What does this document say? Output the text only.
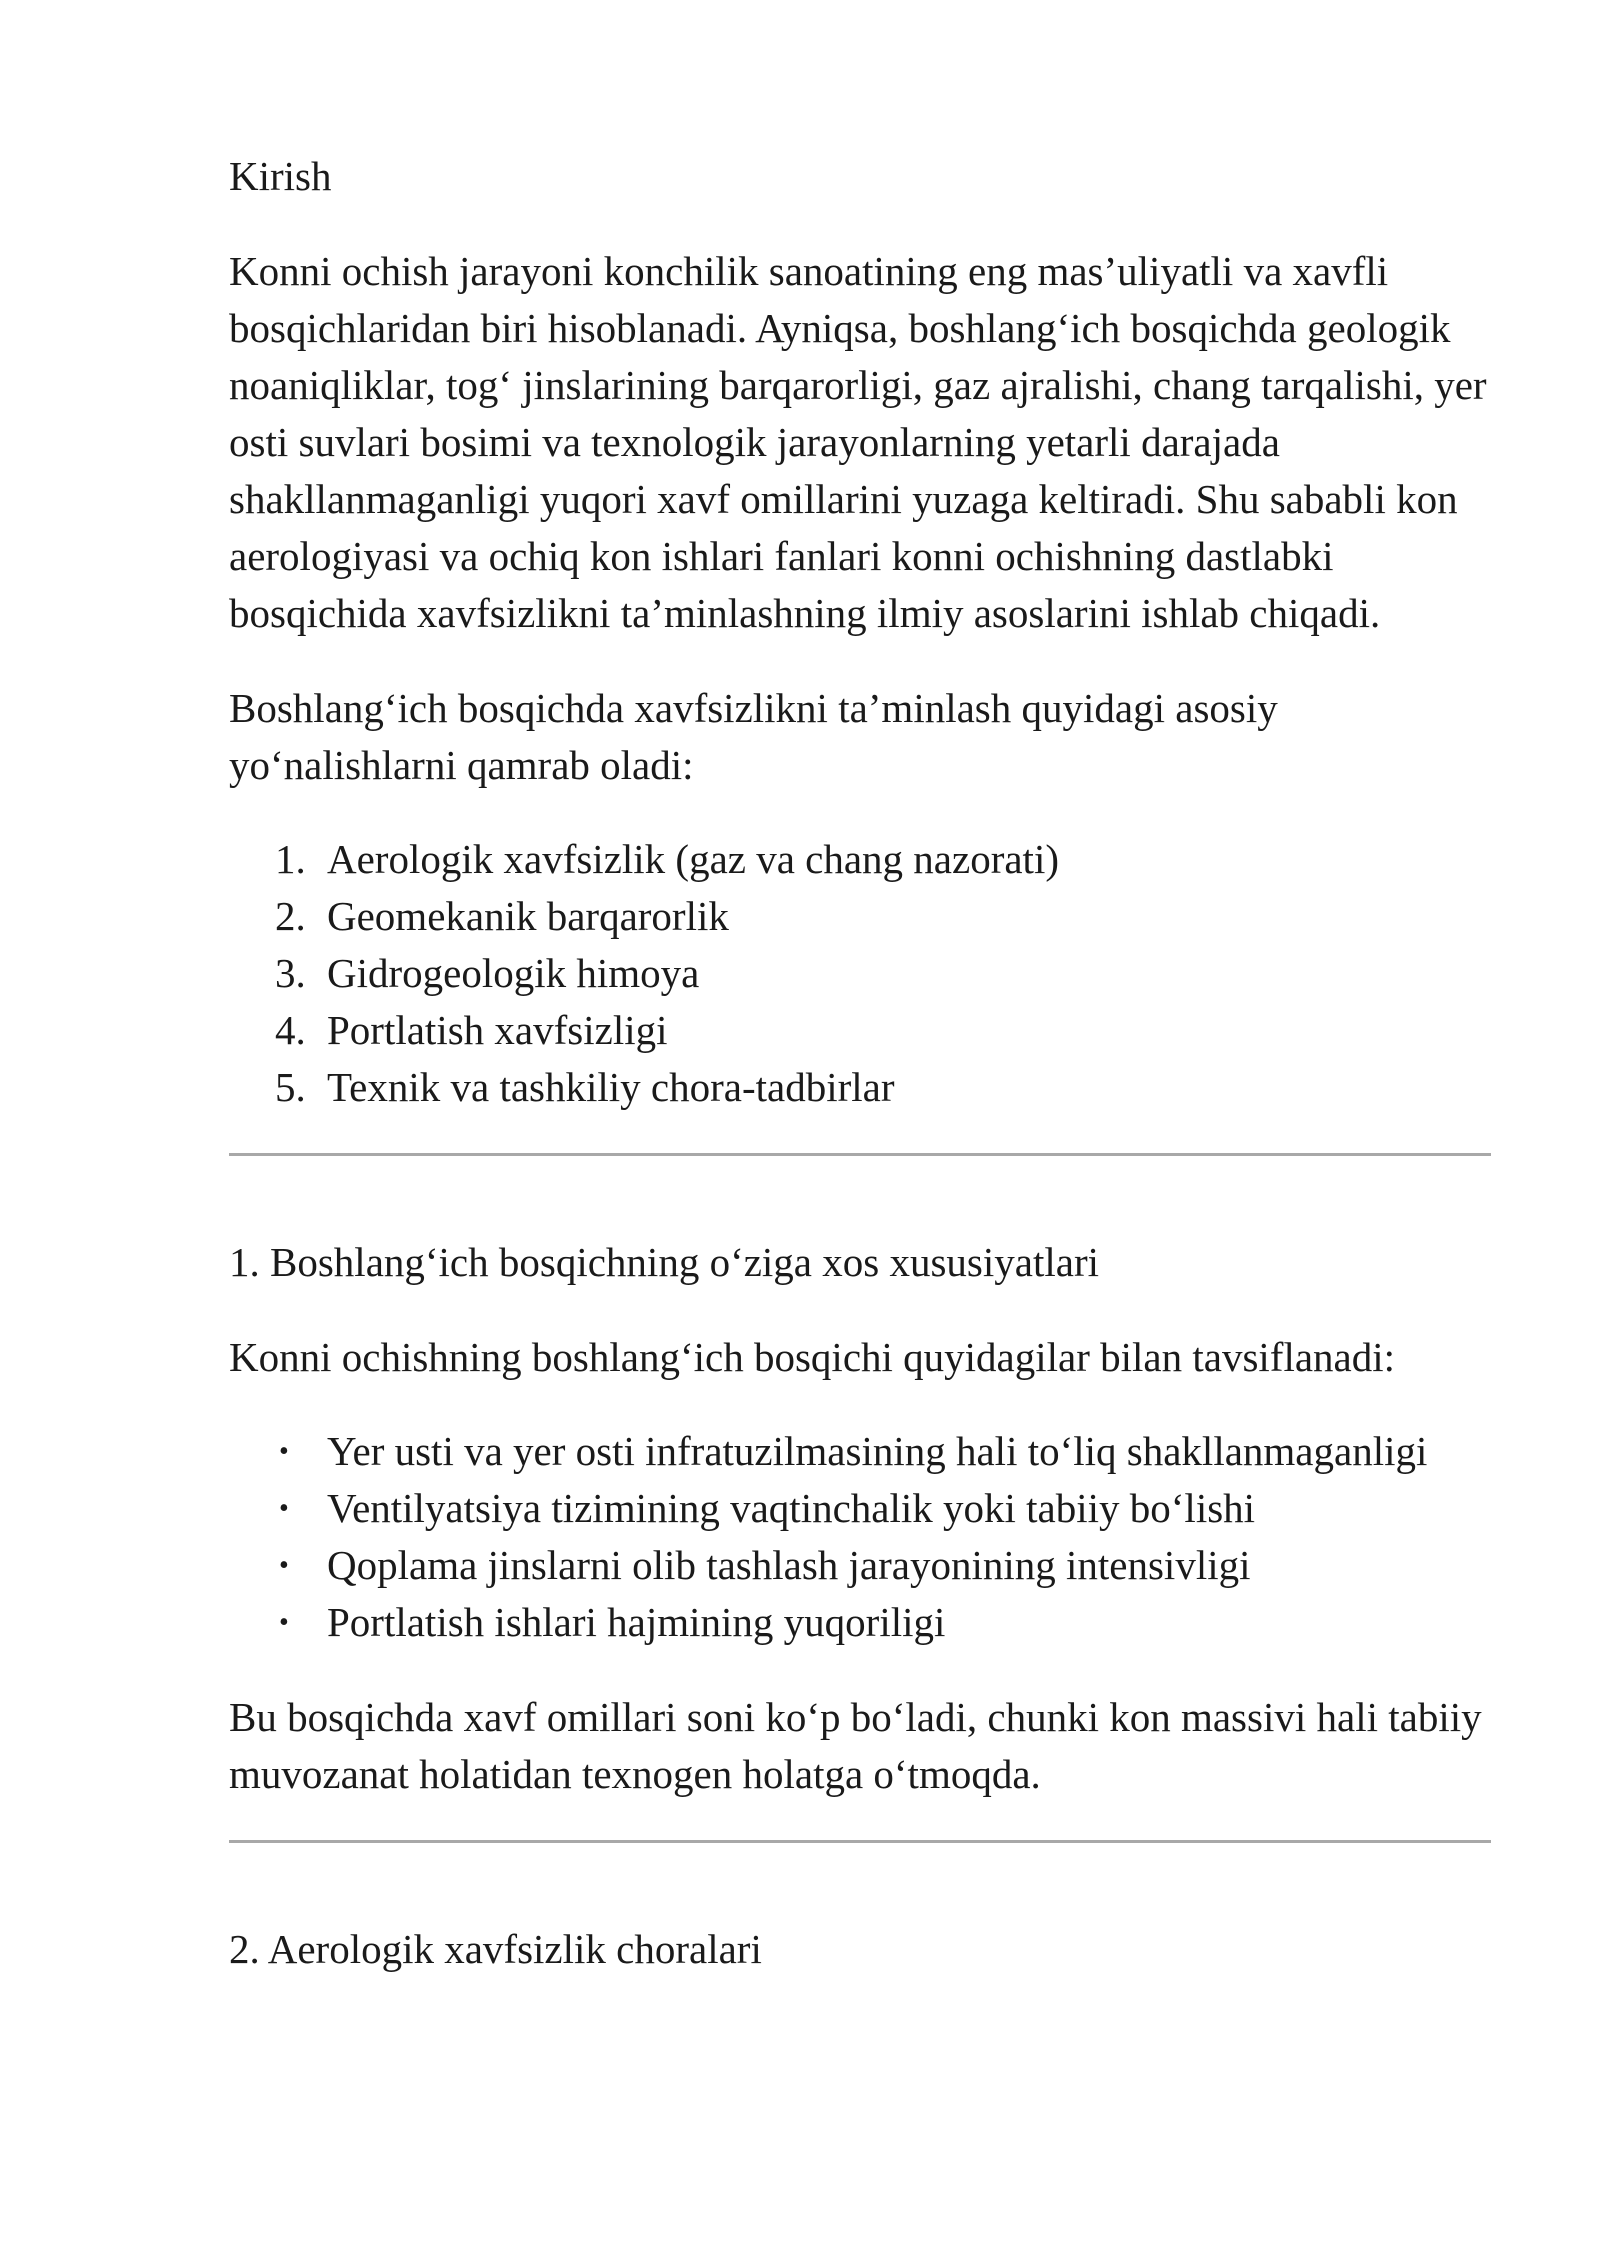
Kirish

Konni ochish jarayoni konchilik sanoatining eng mas’uliyatli va xavfli bosqichlaridan biri hisoblanadi. Ayniqsa, boshlang‘ich bosqichda geologik noaniqliklar, tog‘ jinslarining barqarorligi, gaz ajralishi, chang tarqalishi, yer osti suvlari bosimi va texnologik jarayonlarning yetarli darajada shakllanmaganligi yuqori xavf omillarini yuzaga keltiradi. Shu sababli kon aerologiyasi va ochiq kon ishlari fanlari konni ochishning dastlabki bosqichida xavfsizlikni ta’minlashning ilmiy asoslarini ishlab chiqadi.

Boshlang‘ich bosqichda xavfsizlikni ta’minlash quyidagi asosiy yo‘nalishlarni qamrab oladi:

1. Aerologik xavfsizlik (gaz va chang nazorati)
2. Geomekanik barqarorlik
3. Gidrogeologik himoya
4. Portlatish xavfsizligi
5. Texnik va tashkiliy chora-tadbirlar
1. Boshlang‘ich bosqichning o‘ziga xos xususiyatlari

Konni ochishning boshlang‘ich bosqichi quyidagilar bilan tavsiflanadi:

• Yer usti va yer osti infratuzilmasining hali to‘liq shakllanmaganligi
• Ventilyatsiya tizimining vaqtinchalik yoki tabiiy bo‘lishi
• Qoplama jinslarni olib tashlash jarayonining intensivligi
• Portlatish ishlari hajmining yuqoriligi

Bu bosqichda xavf omillari soni ko‘p bo‘ladi, chunki kon massivi hali tabiiy muvozanat holatidan texnogen holatga o‘tmoqda.

2. Aerologik xavfsizlik choralari
